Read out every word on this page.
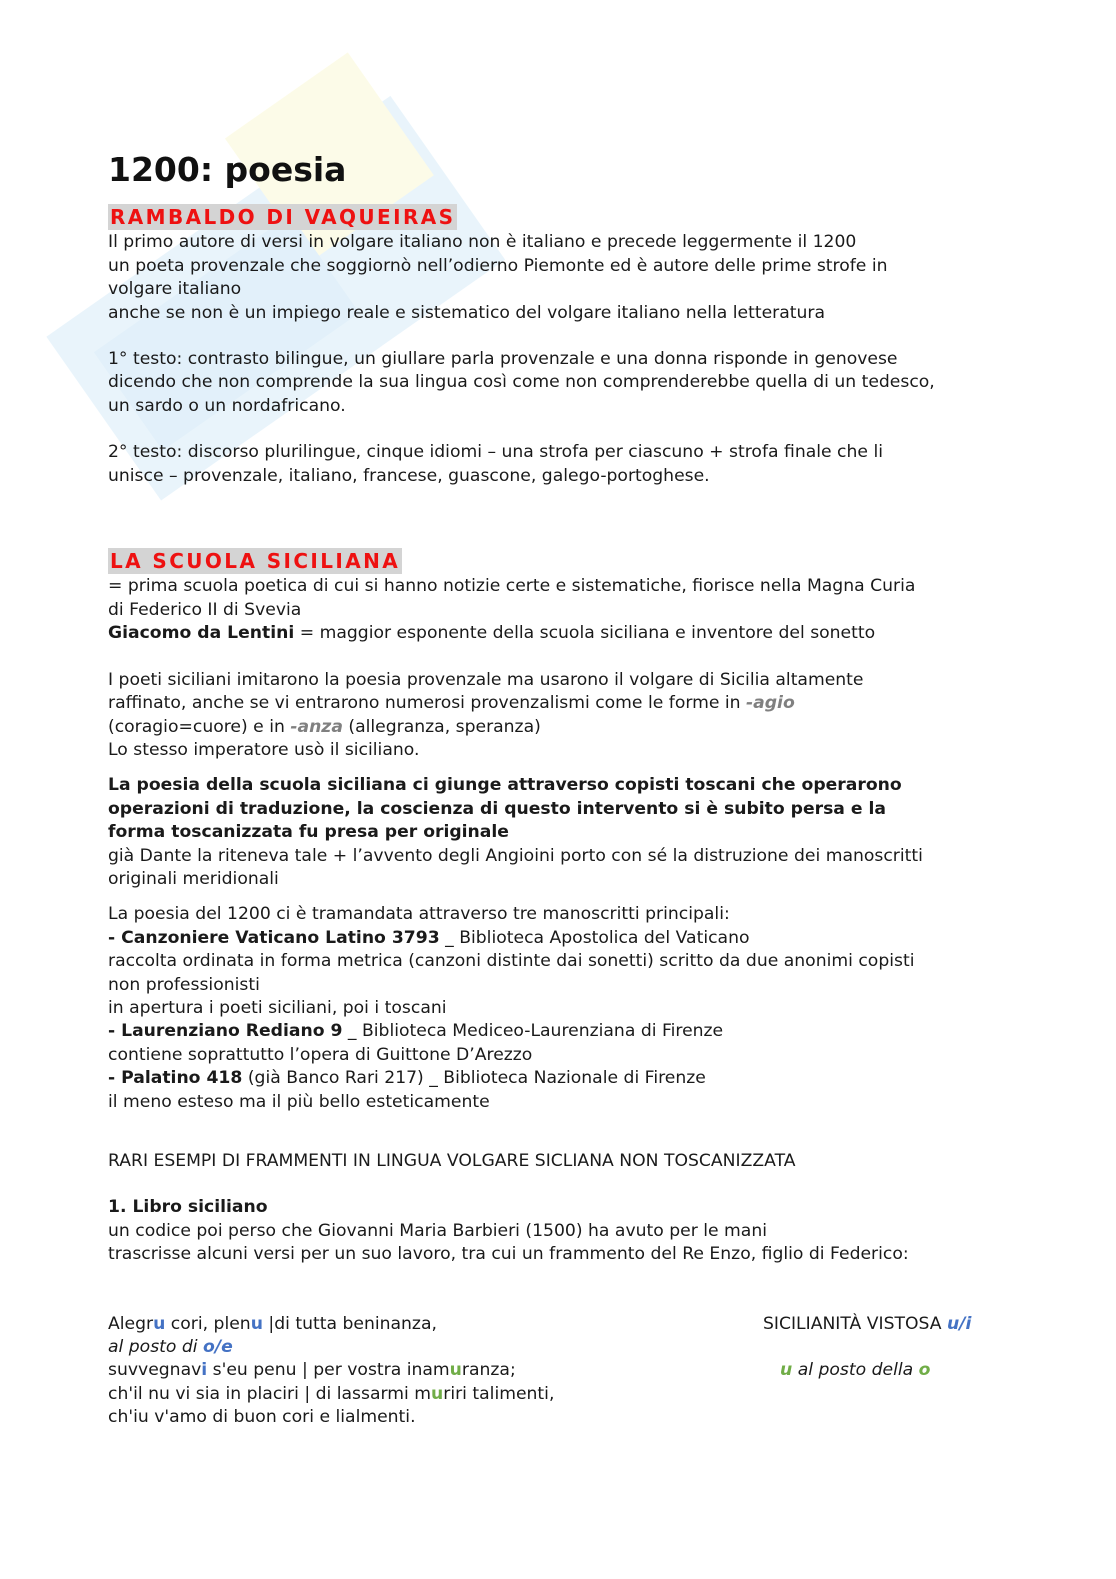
1200: poesia
RAMBALDO DI VAQUEIRAS

Il primo autore di versi in volgare italiano non è italiano e precede leggermente il 1200

un poeta provenzale che soggiornò nell’odierno Piemonte ed è autore delle prime strofe in

volgare italiano

anche se non è un impiego reale e sistematico del volgare italiano nella letteratura

1° testo: contrasto bilingue, un giullare parla provenzale e una donna risponde in genovese

dicendo che non comprende la sua lingua così come non comprenderebbe quella di un tedesco,

un sardo o un nordafricano.

2° testo: discorso plurilingue, cinque idiomi – una strofa per ciascuno + strofa finale che li

unisce – provenzale, italiano, francese, guascone, galego-portoghese.

LA SCUOLA SICILIANA

= prima scuola poetica di cui si hanno notizie certe e sistematiche, fiorisce nella Magna Curia

di Federico II di Svevia

Giacomo da Lentini = maggior esponente della scuola siciliana e inventore del sonetto

I poeti siciliani imitarono la poesia provenzale ma usarono il volgare di Sicilia altamente

raffinato, anche se vi entrarono numerosi provenzalismi come le forme in -agio

(coragio=cuore) e in -anza (allegranza, speranza)

Lo stesso imperatore usò il siciliano.

La poesia della scuola siciliana ci giunge attraverso copisti toscani che operarono

operazioni di traduzione, la coscienza di questo intervento si è subito persa e la

forma toscanizzata fu presa per originale

già Dante la riteneva tale + l’avvento degli Angioini porto con sé la distruzione dei manoscritti

originali meridionali

La poesia del 1200 ci è tramandata attraverso tre manoscritti principali:

- Canzoniere Vaticano Latino 3793 _ Biblioteca Apostolica del Vaticano

raccolta ordinata in forma metrica (canzoni distinte dai sonetti) scritto da due anonimi copisti

non professionisti

in apertura i poeti siciliani, poi i toscani

- Laurenziano Rediano 9 _ Biblioteca Mediceo-Laurenziana di Firenze

contiene soprattutto l’opera di Guittone D’Arezzo

- Palatino 418 (già Banco Rari 217) _ Biblioteca Nazionale di Firenze

il meno esteso ma il più bello esteticamente

RARI ESEMPI DI FRAMMENTI IN LINGUA VOLGARE SICLIANA NON TOSCANIZZATA

1. Libro siciliano

un codice poi perso che Giovanni Maria Barbieri (1500) ha avuto per le mani

trascrisse alcuni versi per un suo lavoro, tra cui un frammento del Re Enzo, figlio di Federico:

Alegru cori, plenu |di tutta beninanza,

al posto di o/e

suvvegnavi s'eu penu | per vostra inamuranza;

ch'il nu vi sia in placiri | di lassarmi muriri talimenti,

ch'iu v'amo di buon cori e lialmenti.

SICILIANITÀ VISTOSA u/i
u al posto della o
